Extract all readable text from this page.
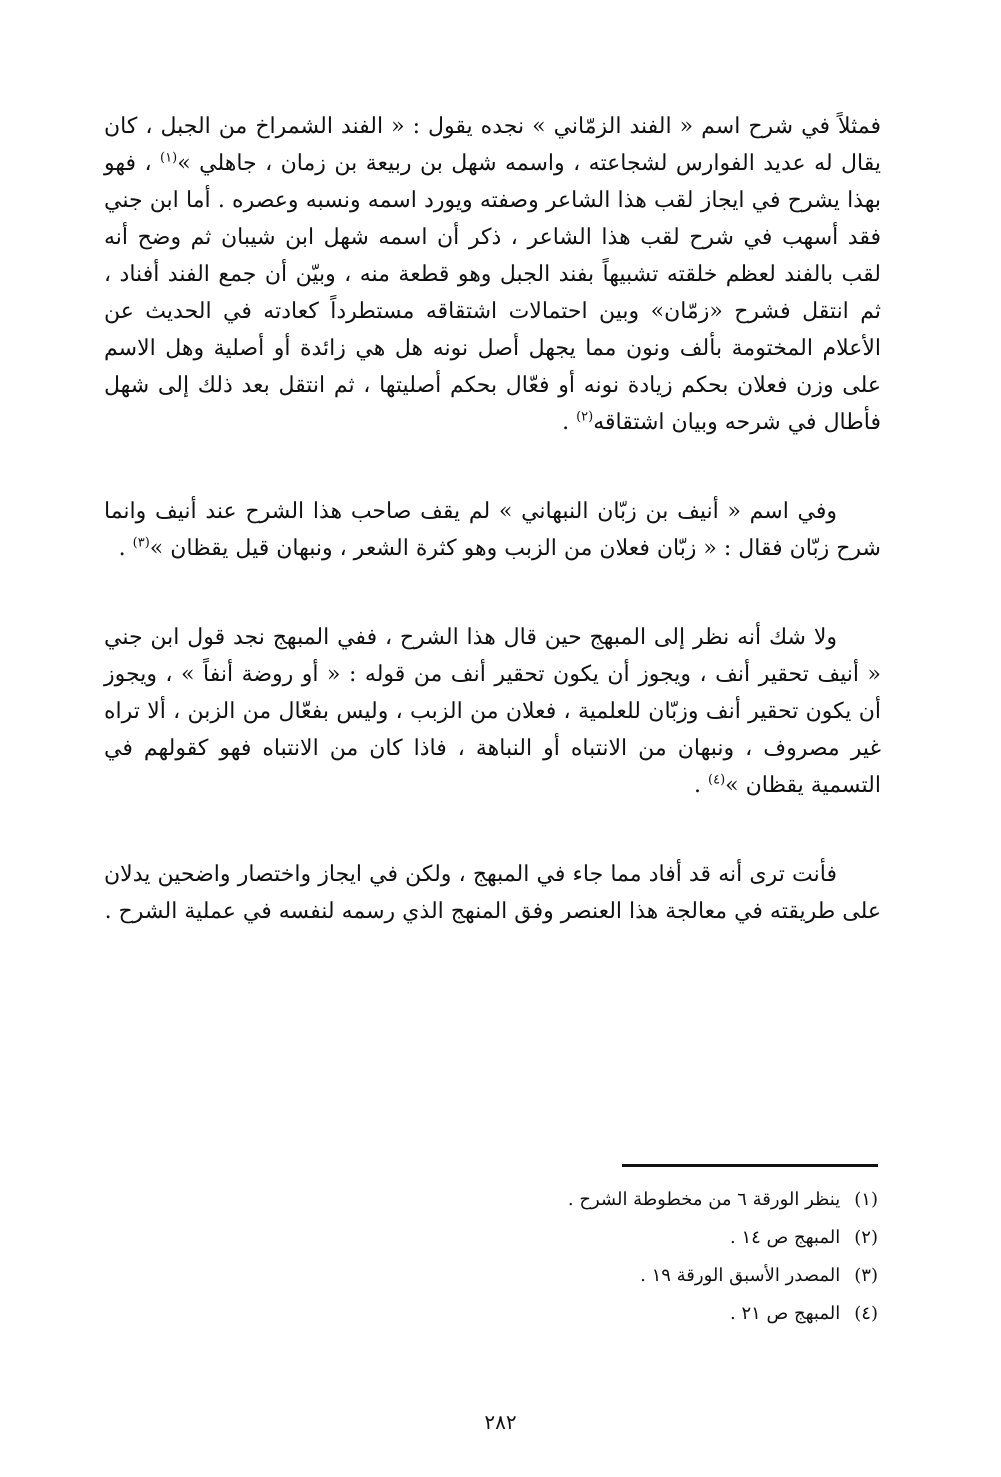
فمثلاً في شرح اسم « الفند الزمّاني » نجده يقول : « الفند الشمراخ من الجبل ، كان يقال له عديد الفوارس لشجاعته ، واسمه شهل بن ربيعة بن زمان ، جاهلي »$^{(١)}$ ، فهو بهذا يشرح في ايجاز لقب هذا الشاعر وصفته ويورد اسمه ونسبه وعصره . أما ابن جني فقد أسهب في شرح لقب هذا الشاعر ، ذكر أن اسمه شهل ابن شيبان ثم وضح أنه لقب بالفند لعظم خلقته تشبيهاً بفند الجبل وهو قطعة منه ، وبيّن أن جمع الفند أفناد ، ثم انتقل فشرح «زمّان» وبين احتمالات اشتقاقه مستطرداً كعادته في الحديث عن الأعلام المختومة بألف ونون مما يجهل أصل نونه هل هي زائدة أو أصلية وهل الاسم على وزن فعلان بحكم زيادة نونه أو فعّال بحكم أصليتها ، ثم انتقل بعد ذلك إلى شهل فأطال في شرحه وبيان اشتقاقه$^{(٢)}$ .

وفي اسم « أنيف بن زبّان النبهاني » لم يقف صاحب هذا الشرح عند أنيف وانما شرح زبّان فقال : « زبّان فعلان من الزبب وهو كثرة الشعر ، ونبهان قيل يقظان »$^{(٣)}$ .

ولا شك أنه نظر إلى المبهج حين قال هذا الشرح ، ففي المبهج نجد قول ابن جني « أنيف تحقير أنف ، ويجوز أن يكون تحقير أنف من قوله : « أو روضة أنفاً » ، ويجوز أن يكون تحقير أنف وزبّان للعلمية ، فعلان من الزبب ، وليس بفعّال من الزبن ، ألا تراه غير مصروف ، ونبهان من الانتباه أو النباهة ، فاذا كان من الانتباه فهو كقولهم في التسمية يقظان »$^{(٤)}$ .

فأنت ترى أنه قد أفاد مما جاء في المبهج ، ولكن في ايجاز واختصار واضحين يدلان على طريقته في معالجة هذا العنصر وفق المنهج الذي رسمه لنفسه في عملية الشرح .

(١)ينظر الورقة ٦ من مخطوطة الشرح .
(٢)المبهج ص ١٤ .
(٣)المصدر الأسبق الورقة ١٩ .
(٤)المبهج ص ٢١ .
٢٨٢
